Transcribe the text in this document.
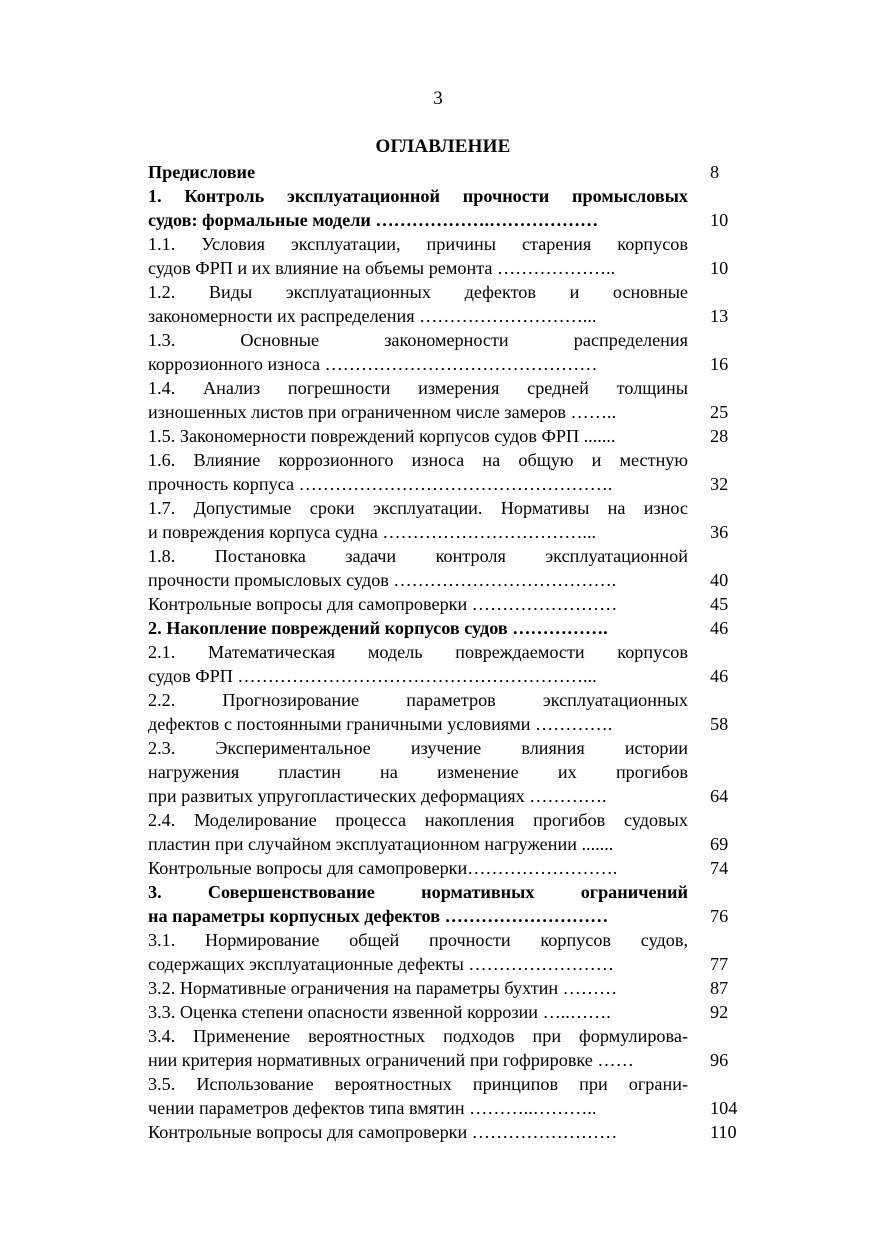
3
ОГЛАВЛЕНИЕ
Предисловие	8
1. Контроль эксплуатационной прочности промысловых
судов: формальные модели ……………….………………	10
1.1. Условия эксплуатации, причины старения корпусов
судов ФРП и их влияние на объемы ремонта ………………..	10
1.2. Виды эксплуатационных дефектов и основные
закономерности их распределения ………………………...	13
1.3. Основные закономерности распределения
коррозионного износа ………………………………………	16
1.4. Анализ погрешности измерения средней толщины
изношенных листов при ограниченном числе замеров ……..	25
1.5. Закономерности повреждений корпусов судов ФРП .......	28
1.6. Влияние коррозионного износа на общую и местную
прочность корпуса …………………………………………….	32
1.7. Допустимые сроки эксплуатации. Нормативы на износ
и повреждения корпуса судна ……………………………...	36
1.8. Постановка задачи контроля эксплуатационной
прочности промысловых судов ……………………………….	40
Контрольные вопросы для самопроверки ……………………	45
2. Накопление повреждений корпусов судов …………….	46
2.1. Математическая модель повреждаемости корпусов
судов ФРП …………………………………………………...	46
2.2. Прогнозирование параметров эксплуатационных
дефектов с постоянными граничными условиями ………….	58
2.3. Экспериментальное изучение влияния истории
нагружения пластин на изменение их прогибов
при развитых упругопластических деформациях ………….	64
2.4. Моделирование процесса накопления прогибов судовых
пластин при случайном эксплуатационном нагружении .......	69
Контрольные вопросы для самопроверки…………………….	74
3. Совершенствование нормативных ограничений
на параметры корпусных дефектов ………………………	76
3.1. Нормирование общей прочности корпусов судов,
содержащих эксплуатационные дефекты ……………………	77
3.2. Нормативные ограничения на параметры бухтин ………	87
3.3. Оценка степени опасности язвенной коррозии …..…….	92
3.4. Применение вероятностных подходов при формулирова-
нии критерия нормативных ограничений при гофрировке ……	96
3.5. Использование вероятностных принципов при ограни-
чении параметров дефектов типа вмятин ………..………..	104
Контрольные вопросы для самопроверки ……………………	110
